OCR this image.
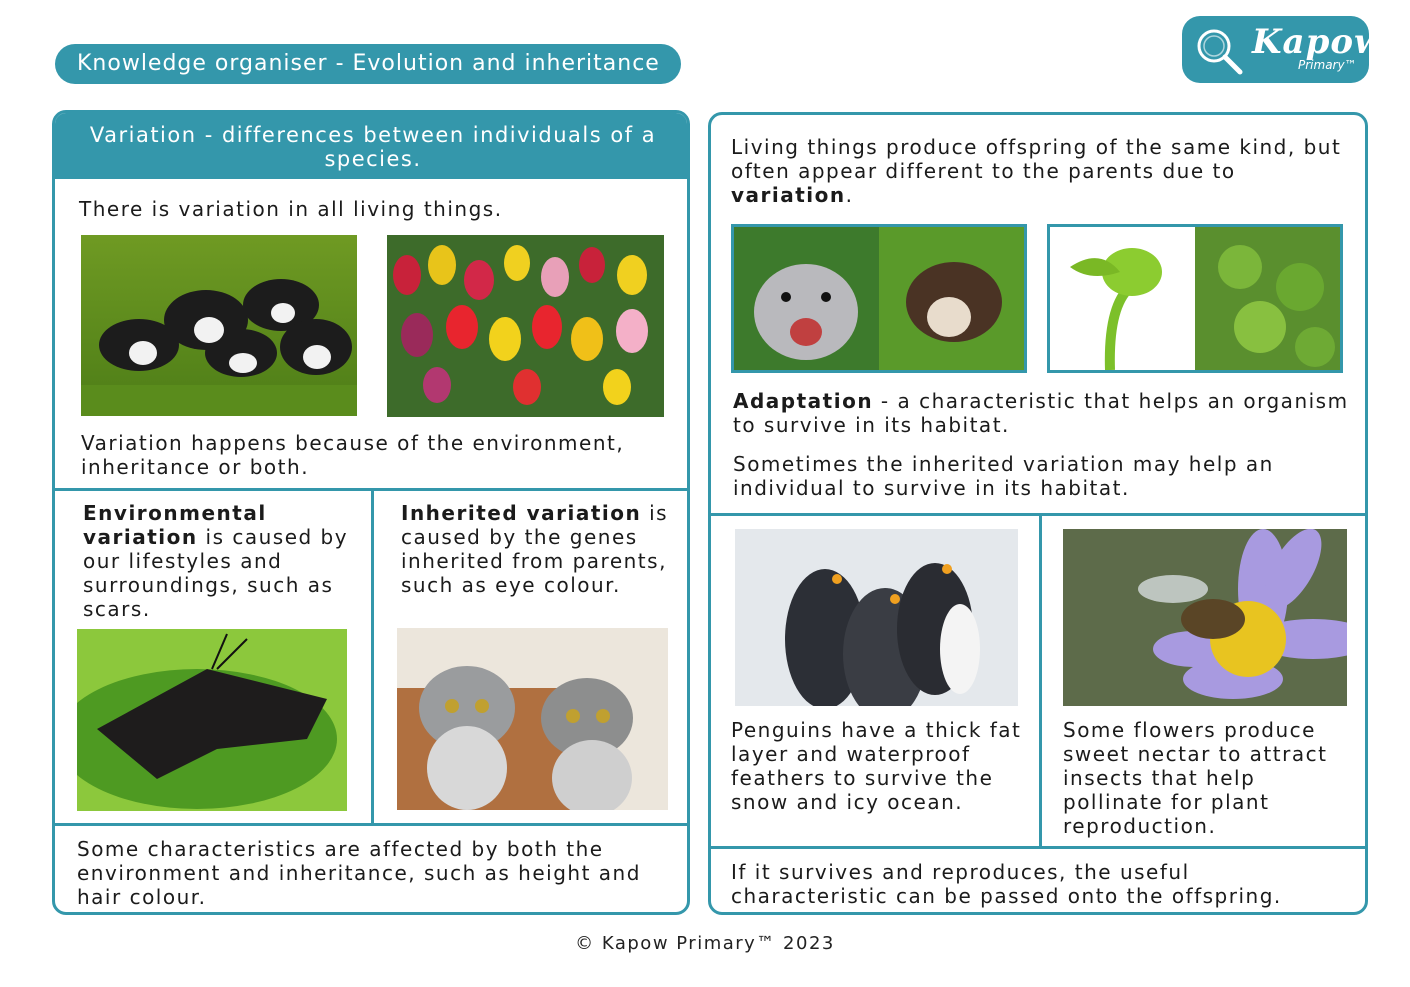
Knowledge organiser - Evolution and inheritance
Kapow
Primary™
Variation - differences between individuals of a species.
There is variation in all living things.
Variation happens because of the environment, inheritance or both.
Environmental variation is caused by our lifestyles and surroundings, such as scars.
Inherited variation is caused by the genes inherited from parents, such as eye colour.
Some characteristics are affected by both the environment and inheritance, such as height and hair colour.
Living things produce offspring of the same kind, but often appear different to the parents due to variation.
Adaptation - a characteristic that helps an organism to survive in its habitat.
Sometimes the inherited variation may help an individual to survive in its habitat.
Penguins have a thick fat layer and waterproof feathers to survive the snow and icy ocean.
Some flowers produce sweet nectar to attract insects that help pollinate for plant reproduction.
If it survives and reproduces, the useful characteristic can be passed onto the offspring.
© Kapow Primary™ 2023
